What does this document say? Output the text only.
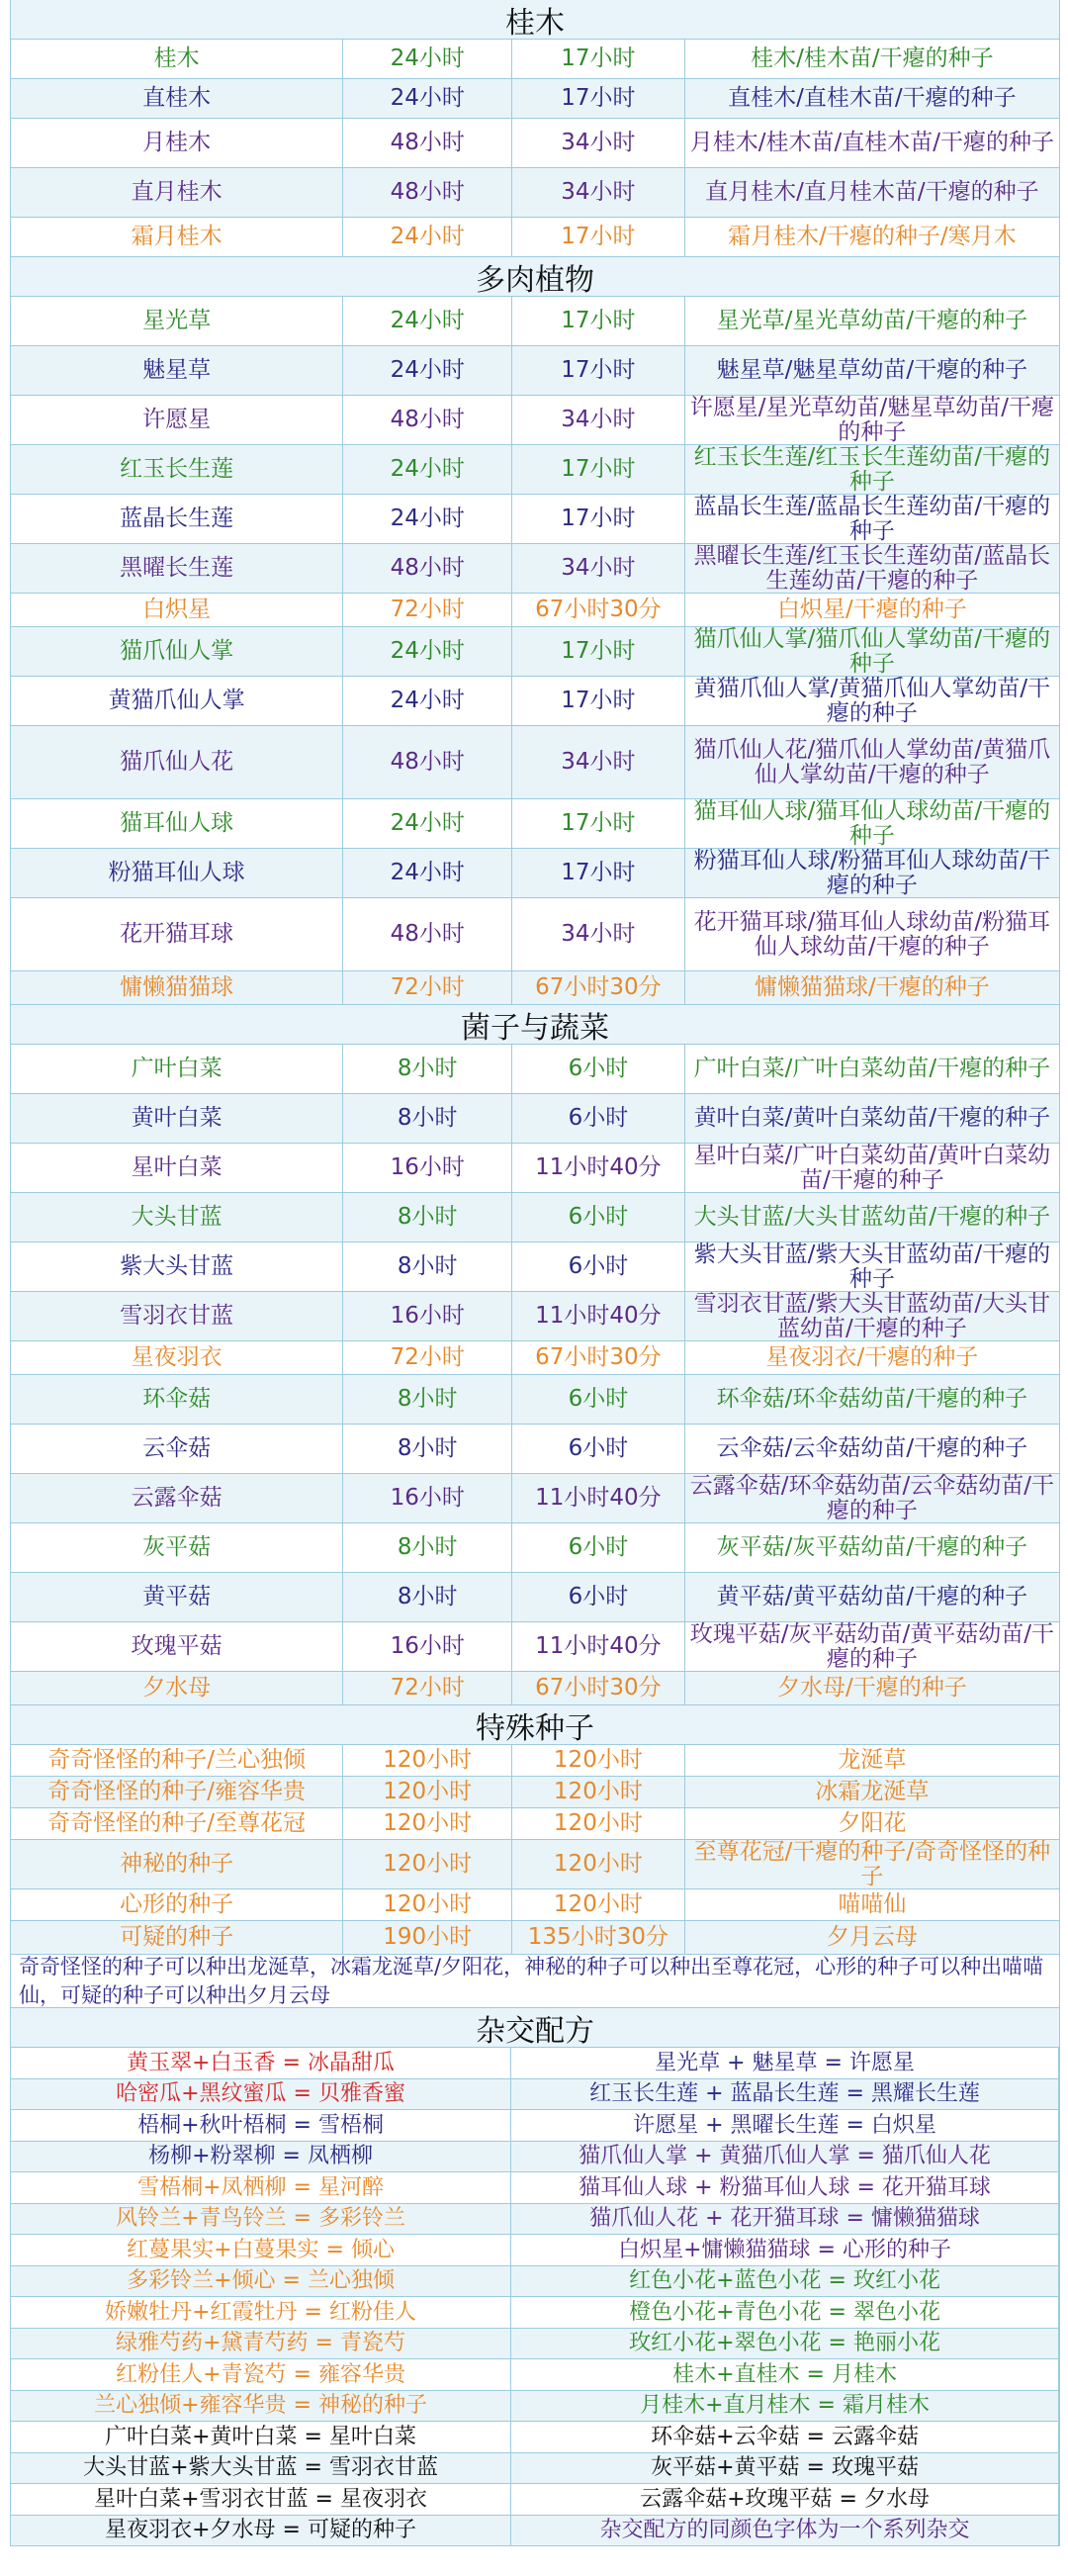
桂木
桂木	24小时	17小时	桂木/桂木苗/干瘪的种子
直桂木	24小时	17小时	直桂木/直桂木苗/干瘪的种子
月桂木	48小时	34小时 月桂木/桂木苗/直桂木苗/干瘪的种子
直月桂木	48小时	34小时	直月桂木/直月桂木苗/干瘪的种子
霜月桂木	24小时	17小时	霜月桂木/干瘪的种子/寒月木
多肉植物
星光草	24小时	17小时	星光草/星光草幼苗/干瘪的种子
魅星草	24小时	17小时	魅星草/魅星草幼苗/干瘪的种子
许愿星	48小时	34小时 许愿星/星光草幼苗/魅星草幼苗/干瘪的种子
红玉长生莲	24小时	17小时	红玉长生莲/红玉长生莲幼苗/干瘪的种子
蓝晶长生莲	24小时	17小时	蓝晶长生莲/蓝晶长生莲幼苗/干瘪的种子
黑曜长生莲	48小时	34小时	黑曜长生莲/红玉长生莲幼苗/蓝晶长生莲幼苗/干瘪的种子
白炽星	72小时	67小时30分	白炽星/干瘪的种子
猫爪仙人掌	24小时	17小时	猫爪仙人掌/猫爪仙人掌幼苗/干瘪的种子
黄猫爪仙人掌	24小时	17小时	黄猫爪仙人掌/黄猫爪仙人掌幼苗/干瘪的种子
猫爪仙人花	48小时	34小时	猫爪仙人花/猫爪仙人掌幼苗/黄猫爪仙人掌幼苗/干瘪的种子
猫耳仙人球	24小时	17小时	猫耳仙人球/猫耳仙人球幼苗/干瘪的种子
粉猫耳仙人球	24小时	17小时	粉猫耳仙人球/粉猫耳仙人球幼苗/干瘪的种子
花开猫耳球	48小时	34小时	花开猫耳球/猫耳仙人球幼苗/粉猫耳仙人球幼苗/干瘪的种子
慵懒猫猫球	72小时	67小时30分	慵懒猫猫球/干瘪的种子
菌子与蔬菜
广叶白菜	8小时	6小时	广叶白菜/广叶白菜幼苗/干瘪的种子
黄叶白菜	8小时	6小时	黄叶白菜/黄叶白菜幼苗/干瘪的种子
星叶白菜	16小时	11小时40分 星叶白菜/广叶白菜幼苗/黄叶白菜幼苗/干瘪的种子
大头甘蓝	8小时	6小时	大头甘蓝/大头甘蓝幼苗/干瘪的种子
紫大头甘蓝	8小时	6小时	紫大头甘蓝/紫大头甘蓝幼苗/干瘪的种子
雪羽衣甘蓝	16小时	11小时40分 雪羽衣甘蓝/紫大头甘蓝幼苗/大头甘蓝幼苗/干瘪的种子
星夜羽衣	72小时	67小时30分	星夜羽衣/干瘪的种子
环伞菇	8小时	6小时	环伞菇/环伞菇幼苗/干瘪的种子
云伞菇	8小时	6小时	云伞菇/云伞菇幼苗/干瘪的种子
云露伞菇	16小时	11小时40分 云露伞菇/环伞菇幼苗/云伞菇幼苗/干瘪的种子
灰平菇	8小时	6小时	灰平菇/灰平菇幼苗/干瘪的种子
黄平菇	8小时	6小时	黄平菇/黄平菇幼苗/干瘪的种子
玫瑰平菇	16小时	11小时40分 玫瑰平菇/灰平菇幼苗/黄平菇幼苗/干瘪的种子
夕水母	72小时	67小时30分	夕水母/干瘪的种子
特殊种子
奇奇怪怪的种子/兰心独倾	120小时	120小时	龙涎草
奇奇怪怪的种子/雍容华贵	120小时	120小时	冰霜龙涎草
奇奇怪怪的种子/至尊花冠	120小时	120小时	夕阳花
神秘的种子	120小时	120小时 至尊花冠/干瘪的种子/奇奇怪怪的种子
心形的种子	120小时	120小时	喵喵仙
可疑的种子	190小时 135小时30分	夕月云母
奇奇怪怪的种子可以种出龙涎草，冰霜龙涎草/夕阳花，神秘的种子可以种出至尊花冠，心形的种子可以种出喵喵仙，可疑的种子可以种出夕月云母
杂交配方
黄玉翠+白玉香 = 冰晶甜瓜	星光草 + 魅星草 = 许愿星
哈密瓜+黑纹蜜瓜 = 贝雅香蜜	红玉长生莲 + 蓝晶长生莲 = 黑耀长生莲
梧桐+秋叶梧桐 = 雪梧桐	许愿星 + 黑曜长生莲 = 白炽星
杨柳+粉翠柳 = 凤栖柳	猫爪仙人掌 + 黄猫爪仙人掌 = 猫爪仙人花
雪梧桐+凤栖柳 = 星河醉	猫耳仙人球 + 粉猫耳仙人球 = 花开猫耳球
风铃兰+青鸟铃兰 = 多彩铃兰	猫爪仙人花 + 花开猫耳球 = 慵懒猫猫球
红蔓果实+白蔓果实 = 倾心	白炽星+慵懒猫猫球 = 心形的种子
多彩铃兰+倾心 = 兰心独倾	红色小花+蓝色小花 = 玫红小花
娇嫩牡丹+红霞牡丹 = 红粉佳人	橙色小花+青色小花 = 翠色小花
绿雅芍药+黛青芍药 = 青瓷芍	玫红小花+翠色小花 = 艳丽小花
红粉佳人+青瓷芍 = 雍容华贵	桂木+直桂木 = 月桂木
兰心独倾+雍容华贵 = 神秘的种子	月桂木+直月桂木 = 霜月桂木
广叶白菜+黄叶白菜 = 星叶白菜	环伞菇+云伞菇 = 云露伞菇
大头甘蓝+紫大头甘蓝 = 雪羽衣甘蓝	灰平菇+黄平菇 = 玫瑰平菇
星叶白菜+雪羽衣甘蓝 = 星夜羽衣	云露伞菇+玫瑰平菇 = 夕水母
星夜羽衣+夕水母 = 可疑的种子	杂交配方的同颜色字体为一个系列杂交
